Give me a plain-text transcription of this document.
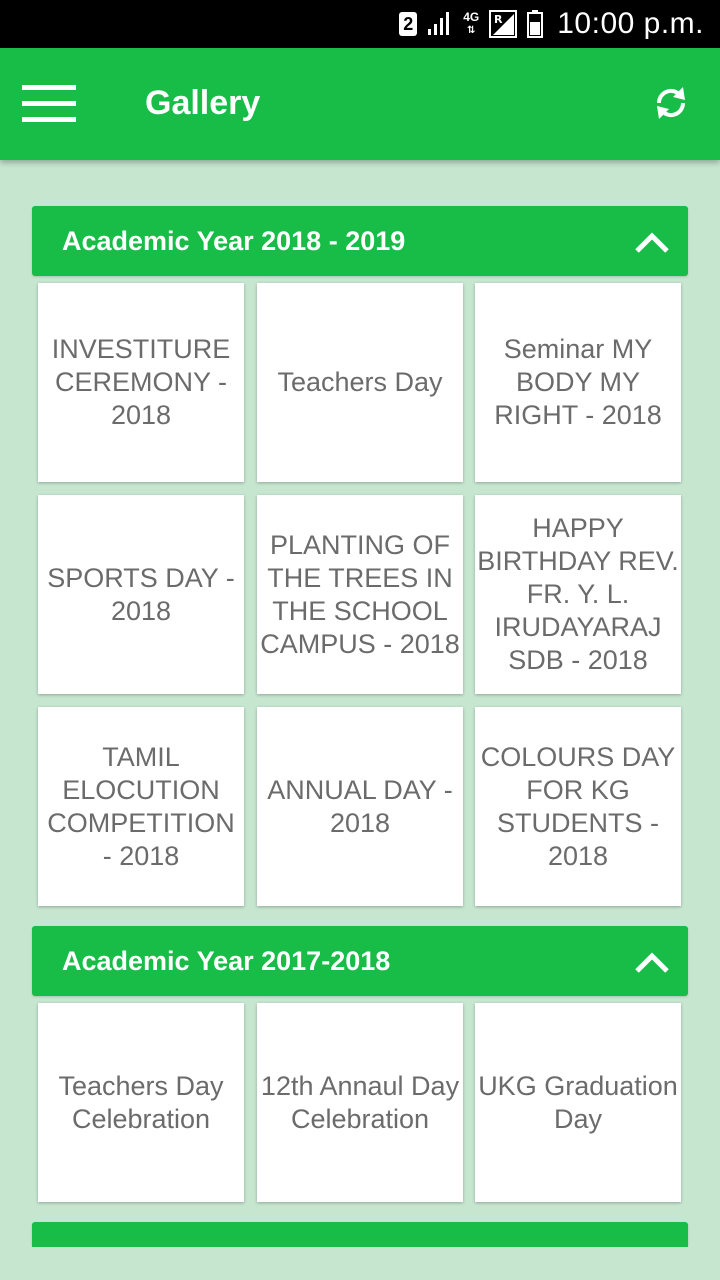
2	4G
⇅
R 10:00 p.m.
Gallery
Academic Year 2018 - 2019
INVESTITURE CEREMONY - 2018
Teachers Day
Seminar MY BODY MY RIGHT - 2018
SPORTS DAY - 2018
PLANTING OF THE TREES IN THE SCHOOL CAMPUS - 2018
HAPPY BIRTHDAY REV. FR. Y. L. IRUDAYARAJ SDB - 2018
TAMIL ELOCUTION COMPETITION - 2018
ANNUAL DAY - 2018
COLOURS DAY FOR KG STUDENTS - 2018
Academic Year 2017-2018
Teachers Day Celebration
12th Annaul Day Celebration
UKG Graduation Day
